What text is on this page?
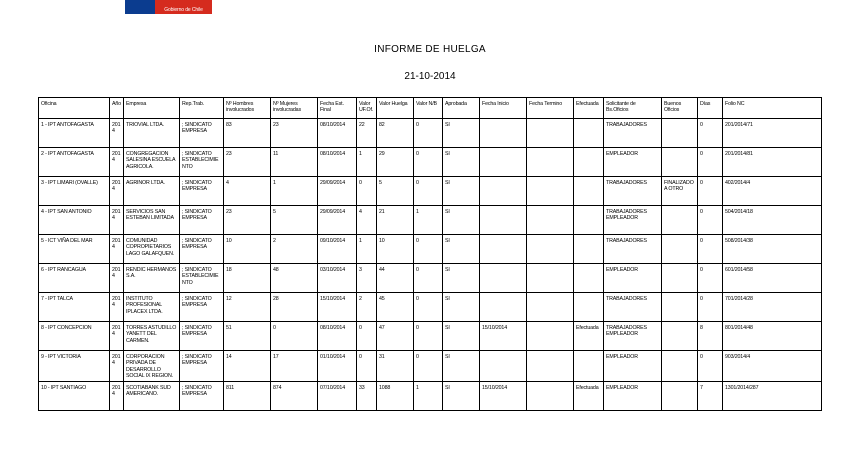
Gobierno de Chile
INFORME DE HUELGA
21-10-2014
Oficina	Año	Empresa	Rep.Trab.	Nº Hombres involucrados	Nº Mujeres involucradas	Fecha Est. Final	Valor UF.Of.	Valor Huelga	Valor N/B	Aprobada	Fecha Inicio	Fecha Termino	Efectuada	Solicitante de Bs.Oficios	Buenos Oficios	Días	Folio NC
1 - IPT ANTOFAGASTA	2014	TRIOVIAL LTDA.	; SINDICATO EMPRESA	83	23	08/10/2014	22	82	0	SI				TRABAJADORES		0	201/2014/71
2 - IPT ANTOFAGASTA	2014	CONGREGACION SALESINA ESCUELA AGRICOLA.	; SINDICATO ESTABLECIMIENTO	23	11	08/10/2014	1	29	0	SI				EMPLEADOR		0	201/2014/81
3 - IPT LIMARI (OVALLE)	2014	AGRINOR LTDA.	; SINDICATO EMPRESA	4	1	29/09/2014	0	5	0	SI				TRABAJADORES	FINALIZADO A OTRO	0	402/2014/4
4 - IPT SAN ANTONIO	2014	SERVICIOS SAN ESTEBAN LIMITADA	; SINDICATO EMPRESA	23	5	29/09/2014	4	21	1	SI				TRABAJADORES EMPLEADOR		0	504/2014/18
5 - ICT VIÑA DEL MAR	2014	COMUNIDAD COPROPIETARIOS LAGO GALAFQUEN.	; SINDICATO EMPRESA	10	2	09/10/2014	1	10	0	SI				TRABAJADORES		0	508/2014/38
6 - IPT RANCAGUA	2014	RENDIC HERMANOS S.A.	; SINDICATO ESTABLECIMIENTO	18	48	03/10/2014	3	44	0	SI				EMPLEADOR		0	601/2014/58
7 - IPT TALCA	2014	INSTITUTO PROFESIONAL IPLACEX LTDA.	; SINDICATO EMPRESA	12	28	15/10/2014	2	45	0	SI				TRABAJADORES		0	701/2014/28
8 - IPT CONCEPCION	2014	TORRES ASTUDILLO YANETT DEL CARMEN.	; SINDICATO EMPRESA	51	0	08/10/2014	0	47	0	SI	15/10/2014		Efectuada	TRABAJADORES EMPLEADOR		8	801/2014/48
9 - IPT VICTORIA	2014	CORPORACION PRIVADA DE DESARROLLO SOCIAL IX REGION.	; SINDICATO EMPRESA	14	17	01/10/2014	0	31	0	SI				EMPLEADOR		0	903/2014/4
10 - IPT SANTIAGO	2014	SCOTIABANK SUD AMERICANO.	; SINDICATO EMPRESA	811	874	07/10/2014	33	1088	1	SI	15/10/2014		Efectuada	EMPLEADOR		7	1301/2014/287
